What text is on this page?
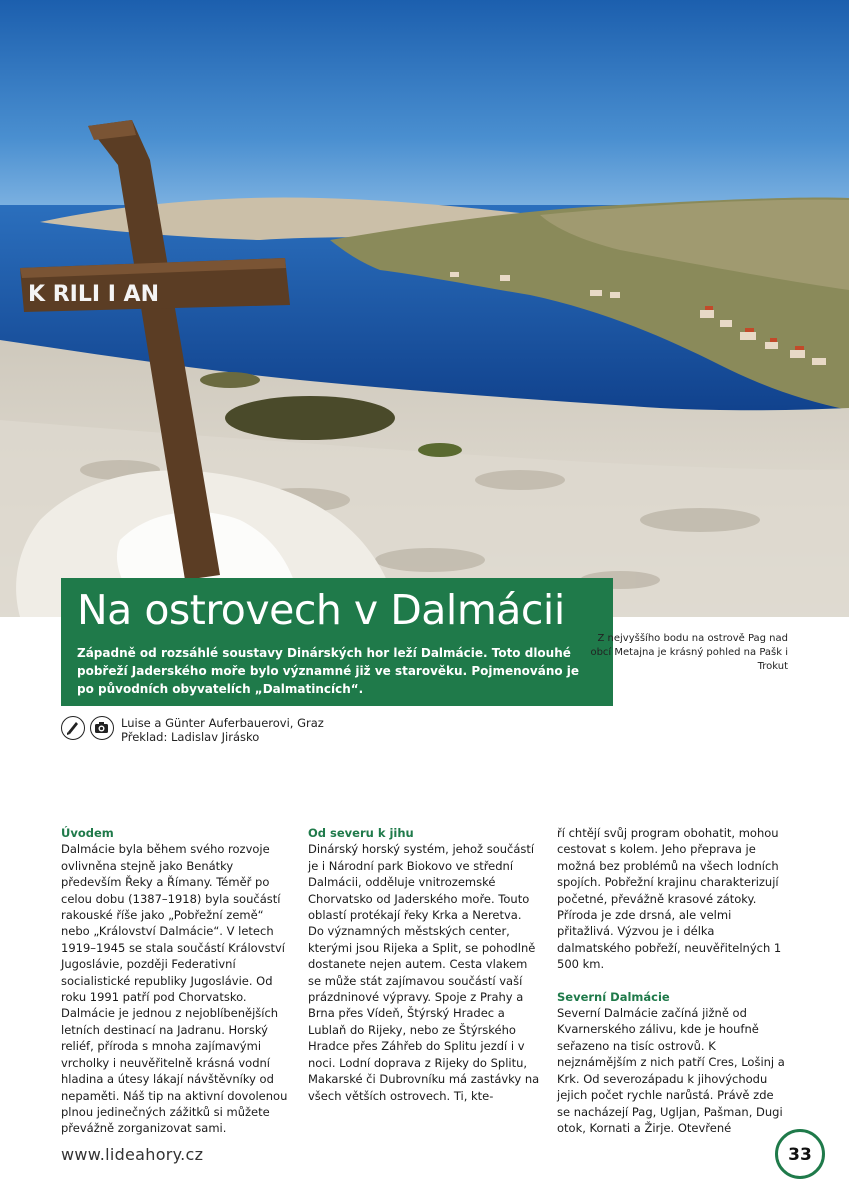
K RILI I AN
Na ostrovech v Dalmácii
Západně od rozsáhlé soustavy Dinárských hor leží Dalmácie. Toto dlouhé pobřeží Jaderského moře bylo významné již ve starověku. Pojmenováno je po původních obyvatelích „Dalmatincích“.
Z nejvyššího bodu na ostrově Pag nad obcí Metajna je krásný pohled na Pašk i Trokut
Luise a Günter Auferbauerovi, Graz
Překlad: Ladislav Jirásko
Úvodem

Dalmácie byla během svého rozvoje ovlivněna stejně jako Benátky především Řeky a Římany. Téměř po celou dobu (1387–1918) byla součástí rakouské říše jako „Pobřežní země“ nebo „Království Dalmácie“. V letech 1919–1945 se stala součástí Království Jugoslávie, později Federativní socialistické republiky Jugoslávie. Od roku 1991 patří pod Chorvatsko. Dalmácie je jednou z nejoblíbenějších letních destinací na Jadranu. Horský reliéf, příroda s mnoha zajímavými vrcholky i neuvěřitelně krásná vodní hladina a útesy lákají návštěvníky od nepaměti. Náš tip na aktivní dovolenou plnou jedinečných zážitků si můžete převážně zorganizovat sami.

Od severu k jihu

Dinárský horský systém, jehož součástí je i Národní park Biokovo ve střední Dalmácii, odděluje vnitrozemské Chorvatsko od Jaderského moře. Touto oblastí protékají řeky Krka a Neretva. Do významných městských center, kterými jsou Rijeka a Split, se pohodlně dostanete nejen autem. Cesta vlakem se může stát zajímavou součástí vaší prázdninové výpravy. Spoje z Prahy a Brna přes Vídeň, Štýrský Hradec a Lublaň do Rijeky, nebo ze Štýrského Hradce přes Záhřeb do Splitu jezdí i v noci. Lodní doprava z Rijeky do Splitu, Makarské či Dubrovníku má zastávky na všech větších ostrovech. Ti, kte-

ří chtějí svůj program obohatit, mohou cestovat s kolem. Jeho přeprava je možná bez problémů na všech lodních spojích. Pobřežní krajinu charakterizují početné, převážně krasové zátoky. Příroda je zde drsná, ale velmi přitažlivá. Výzvou je i délka dalmatského pobřeží, neuvěřitelných 1 500 km.

Severní Dalmácie

Severní Dalmácie začíná jižně od Kvarnerského zálivu, kde je houfně seřazeno na tisíc ostrovů. K nejznámějším z nich patří Cres, Lošinj a Krk. Od severozápadu k jihovýchodu jejich počet rychle narůstá. Právě zde se nacházejí Pag, Ugljan, Pašman, Dugi otok, Kornati a Žirje. Otevřené

www.lideahory.cz	33
